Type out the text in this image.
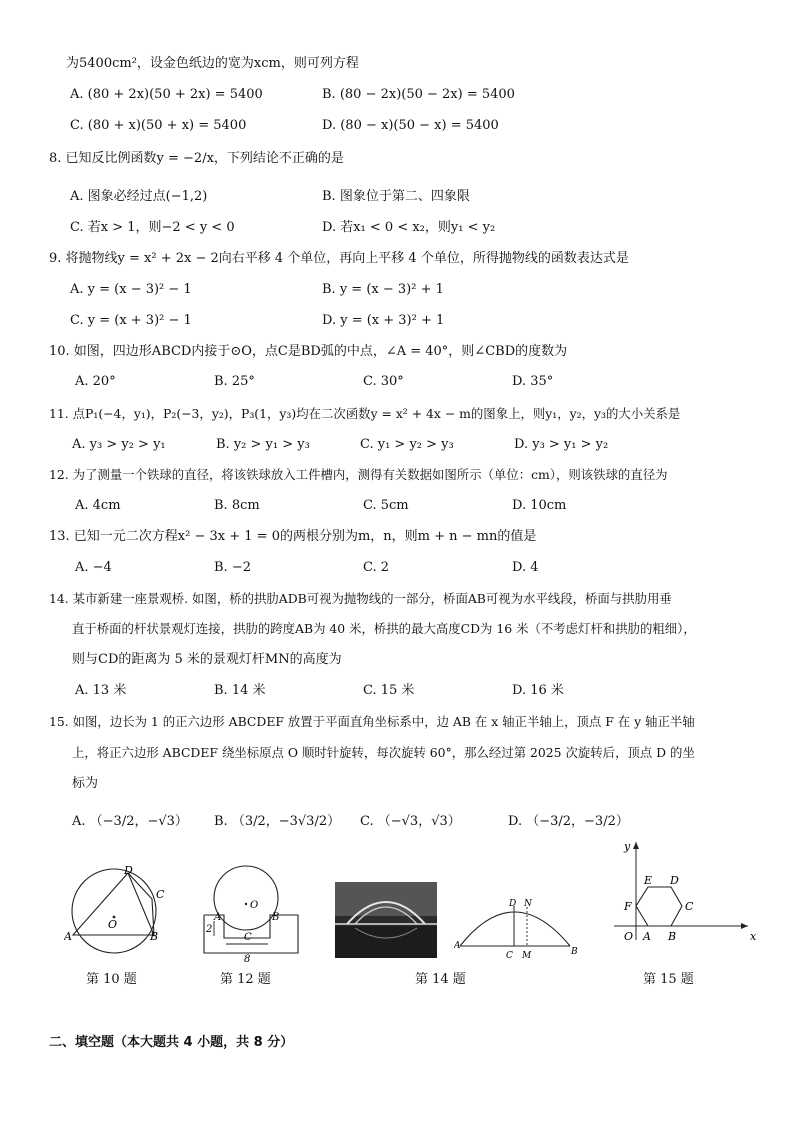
为5400cm²，设金色纸边的宽为xcm，则可列方程
A. (80 + 2x)(50 + 2x) = 5400	B. (80 − 2x)(50 − 2x) = 5400
C. (80 + x)(50 + x) = 5400	D. (80 − x)(50 − x) = 5400
8. 已知反比例函数y = −2/x，下列结论不正确的是
A. 图象必经过点(−1,2)	B. 图象位于第二、四象限
C. 若x > 1，则−2 < y < 0	D. 若x₁ < 0 < x₂，则y₁ < y₂
9. 将抛物线y = x² + 2x − 2向右平移 4 个单位，再向上平移 4 个单位，所得抛物线的函数表达式是
A. y = (x − 3)² − 1	B. y = (x − 3)² + 1
C. y = (x + 3)² − 1	D. y = (x + 3)² + 1
10. 如图，四边形ABCD内接于⊙O，点C是BD弧的中点，∠A = 40°，则∠CBD的度数为
A. 20°	B. 25°	C. 30°	D. 35°
11. 点P₁(−4，y₁)，P₂(−3，y₂)，P₃(1，y₃)均在二次函数y = x² + 4x − m的图象上，则y₁，y₂，y₃的大小关系是
A. y₃ > y₂ > y₁	B. y₂ > y₁ > y₃	C. y₁ > y₂ > y₃	D. y₃ > y₁ > y₂
12. 为了测量一个铁球的直径，将该铁球放入工件槽内，测得有关数据如图所示（单位：cm），则该铁球的直径为
A. 4cm	B. 8cm	C. 5cm	D. 10cm
13. 已知一元二次方程x² − 3x + 1 = 0的两根分别为m，n，则m + n − mn的值是
A. −4	B. −2	C. 2	D. 4
14. 某市新建一座景观桥. 如图，桥的拱肋ADB可视为抛物线的一部分，桥面AB可视为水平线段，桥面与拱肋用垂
直于桥面的杆状景观灯连接，拱肋的跨度AB为 40 米，桥拱的最大高度CD为 16 米（不考虑灯杆和拱肋的粗细），
则与CD的距离为 5 米的景观灯杆MN的高度为
A. 13 米	B. 14 米	C. 15 米	D. 16 米
15. 如图，边长为 1 的正六边形 ABCDEF 放置于平面直角坐标系中，边 AB 在 x 轴正半轴上，顶点 F 在 y 轴正半轴
上，将正六边形 ABCDEF 绕坐标原点 O 顺时针旋转，每次旋转 60°，那么经过第 2025 次旋转后，顶点 D 的坐
标为
A. （−3/2，−√3） B. （3/2，−3√3/2） C. （−√3，√3）	D. （−3/2，−3/2）
D
C
A	B
O
第 10 题
O
A	B
C
2
8
第 12 题
A
B
D N
C M
第 14 题
y
x
E D
F	C
O A B
第 15 题
二、填空题（本大题共 4 小题，共 8 分）
